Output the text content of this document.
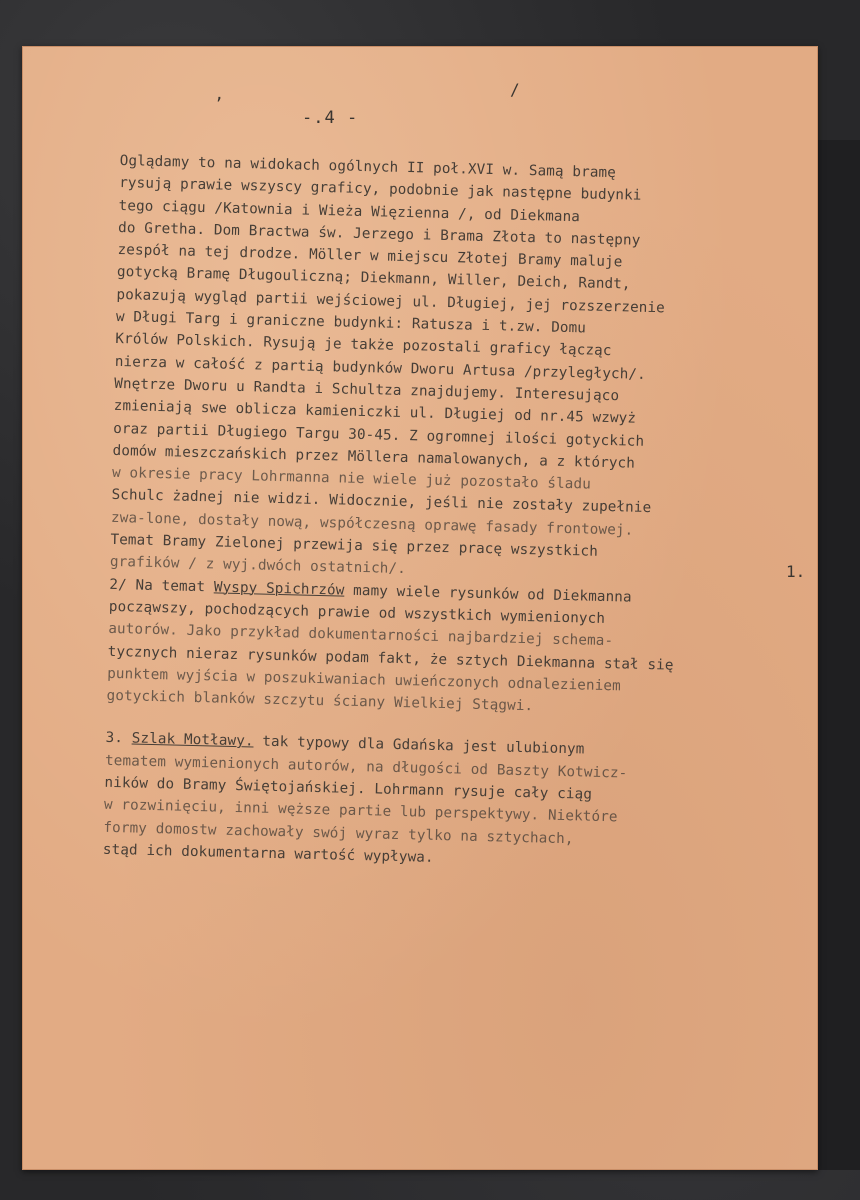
-.4 -
ʼ
/
1.
Oglądamy to na widokach ogólnych II poł.XVI w. Samą bramę
rysują prawie wszyscy graficy, podobnie jak następne budynki
tego ciągu /Katownia i Wieża Więzienna /, od Diekmana
do Gretha. Dom Bractwa św. Jerzego i Brama Złota to następny
zespół na tej drodze. Möller w miejscu Złotej Bramy maluje
gotycką Bramę Długouliczną; Diekmann, Willer, Deich, Randt,
pokazują wygląd partii wejściowej ul. Długiej, jej rozszerzenie
w Długi Targ i graniczne budynki: Ratusza i t.zw. Domu
Królów Polskich. Rysują je także pozostali graficy łącząc
nierza w całość z partią budynków Dworu Artusa /przyległych/.
Wnętrze Dworu u Randta i Schultza znajdujemy. Interesująco
zmieniają swe oblicza kamieniczki ul. Długiej od nr.45 wzwyż
oraz partii Długiego Targu 30-45. Z ogromnej ilości gotyckich
domów mieszczańskich przez Möllera namalowanych, a z których
w okresie pracy Lohrmanna nie wiele już pozostało śladu
Schulc żadnej nie widzi. Widocznie, jeśli nie zostały zupełnie
zwa-lone, dostały nową, współczesną oprawę fasady frontowej.
Temat Bramy Zielonej przewija się przez pracę wszystkich
grafików / z wyj.dwóch ostatnich/.
2/ Na temat Wyspy Spichrzów mamy wiele rysunków od Diekmanna
począwszy, pochodzących prawie od wszystkich wymienionych
autorów. Jako przykład dokumentarności najbardziej schema-
tycznych nieraz rysunków podam fakt, że sztych Diekmanna stał się
punktem wyjścia w poszukiwaniach uwieńczonych odnalezieniem
gotyckich blanków szczytu ściany Wielkiej Stągwi.
3. Szlak Motławy. tak typowy dla Gdańska jest ulubionym
tematem wymienionych autorów, na długości od Baszty Kotwicz-
ników do Bramy Świętojańskiej. Lohrmann rysuje cały ciąg
w rozwinięciu, inni węższe partie lub perspektywy. Niektóre
formy domostw zachowały swój wyraz tylko na sztychach,
stąd ich dokumentarna wartość wypływa.
